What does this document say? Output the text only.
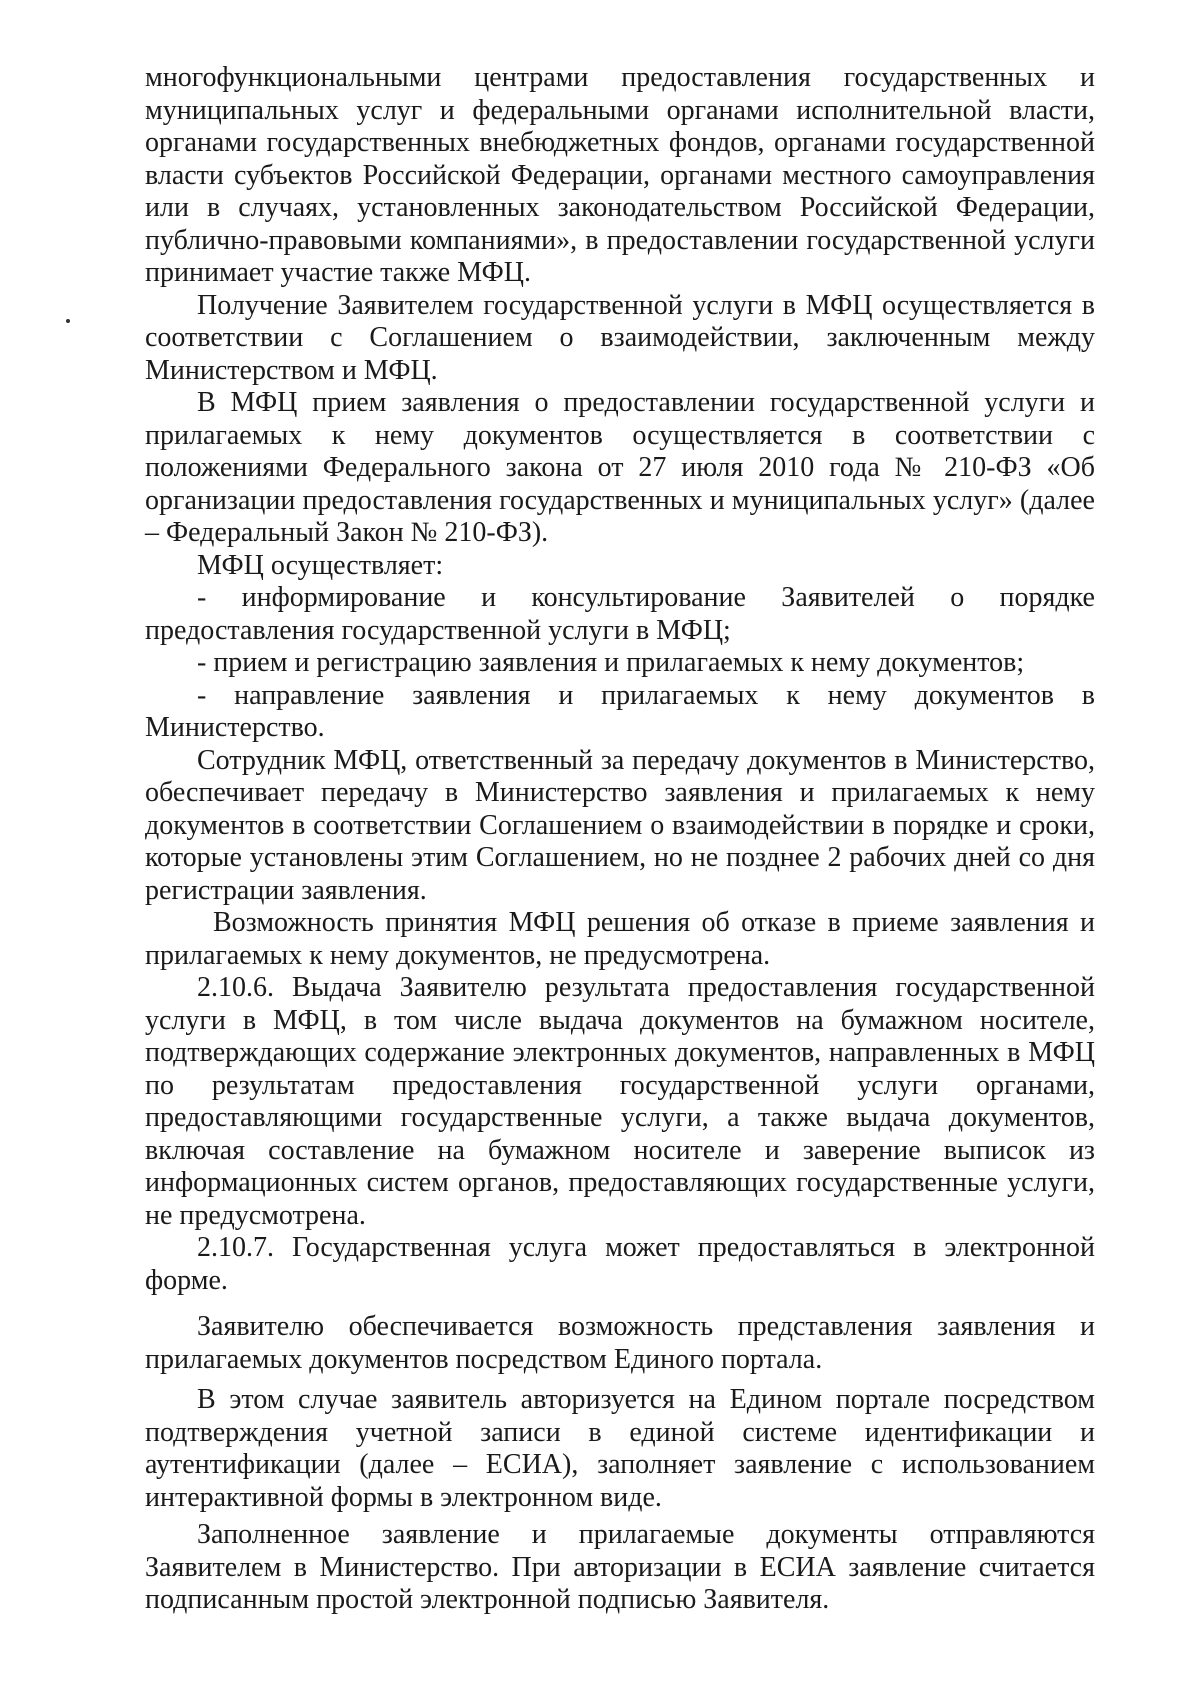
многофункциональными центрами предоставления государственных и муниципальных услуг и федеральными органами исполнительной власти, органами государственных внебюджетных фондов, органами государственной власти субъектов Российской Федерации, органами местного самоуправления или в случаях, установленных законодательством Российской Федерации, публично-правовыми компаниями», в предоставлении государственной услуги принимает участие также МФЦ.

Получение Заявителем государственной услуги в МФЦ осуществляется в соответствии с Соглашением о взаимодействии, заключенным между Министерством и МФЦ.

В МФЦ прием заявления о предоставлении государственной услуги и прилагаемых к нему документов осуществляется в соответствии с положениями Федерального закона от 27 июля 2010 года № 210-ФЗ «Об организации предоставления государственных и муниципальных услуг» (далее – Федеральный Закон № 210-ФЗ).

МФЦ осуществляет:

- информирование и консультирование Заявителей о порядке предоставления государственной услуги в МФЦ;

- прием и регистрацию заявления и прилагаемых к нему документов;

- направление заявления и прилагаемых к нему документов в Министерство.

Сотрудник МФЦ, ответственный за передачу документов в Министерство, обеспечивает передачу в Министерство заявления и прилагаемых к нему документов в соответствии Соглашением о взаимодействии в порядке и сроки, которые установлены этим Соглашением, но не позднее 2 рабочих дней со дня регистрации заявления.

Возможность принятия МФЦ решения об отказе в приеме заявления и прилагаемых к нему документов, не предусмотрена.

2.10.6. Выдача Заявителю результата предоставления государственной услуги в МФЦ, в том числе выдача документов на бумажном носителе, подтверждающих содержание электронных документов, направленных в МФЦ по результатам предоставления государственной услуги органами, предоставляющими государственные услуги, а также выдача документов, включая составление на бумажном носителе и заверение выписок из информационных систем органов, предоставляющих государственные услуги, не предусмотрена.

2.10.7. Государственная услуга может предоставляться в электронной форме.

Заявителю обеспечивается возможность представления заявления и прилагаемых документов посредством Единого портала.

В этом случае заявитель авторизуется на Едином портале посредством подтверждения учетной записи в единой системе идентификации и аутентификации (далее – ЕСИА), заполняет заявление с использованием интерактивной формы в электронном виде.

Заполненное заявление и прилагаемые документы отправляются Заявителем в Министерство. При авторизации в ЕСИА заявление считается подписанным простой электронной подписью Заявителя.
